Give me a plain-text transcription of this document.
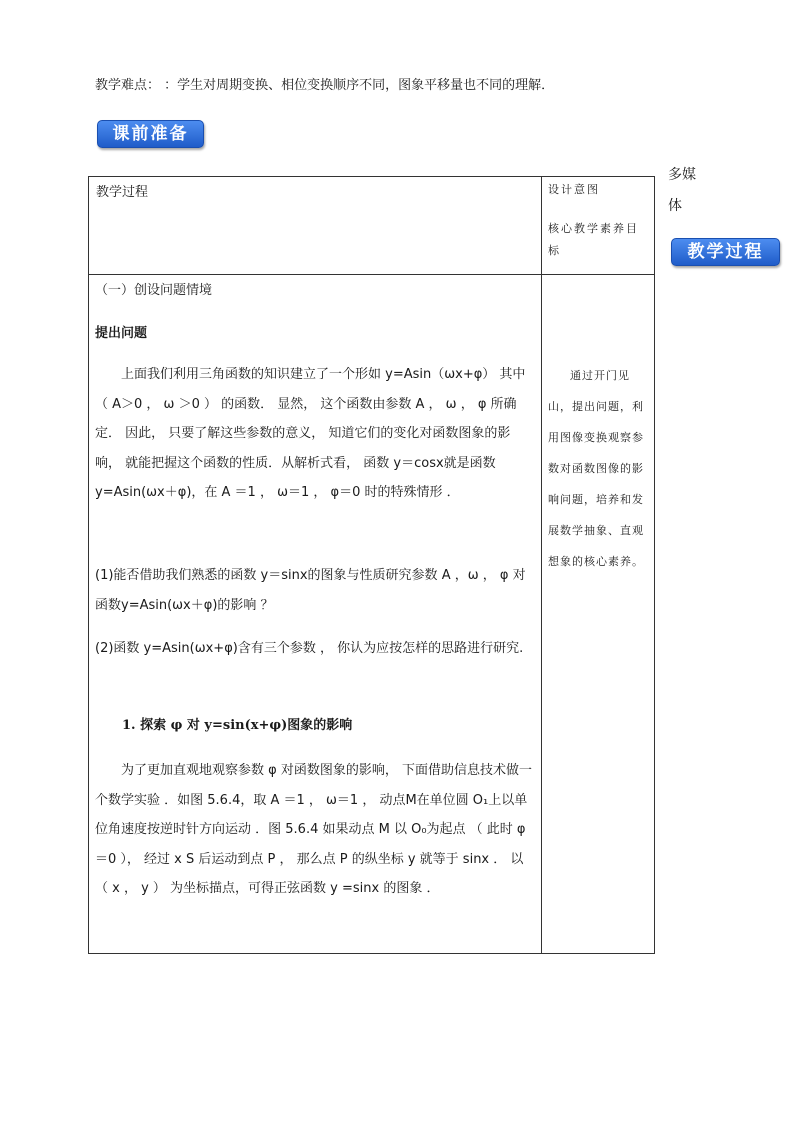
教学难点： ：学生对周期变换、相位变换顺序不同，图象平移量也不同的理解．
课前准备
多媒体
教学过程
教学过程	设计意图
核心教学素养目标
（一）创设问题情境
提出问题
上面我们利用三角函数的知识建立了一个形如 y=Asin（ωx+φ） 其中（ A＞0 ， ω ＞0 ） 的函数． 显然， 这个函数由参数 A ， ω ， φ 所确定． 因此， 只要了解这些参数的意义， 知道它们的变化对函数图象的影响， 就能把握这个函数的性质．从解析式看， 函数 y＝cosx就是函数y=Asin(ωx＋φ)，在 A ＝1 ， ω＝1 ， φ＝0 时的特殊情形 ．
(1)能否借助我们熟悉的函数 y＝sinx的图象与性质研究参数 A ，ω ， φ 对函数y=Asin(ωx＋φ)的影响 ？
(2)函数 y=Asin(ωx+φ)含有三个参数 ， 你认为应按怎样的思路进行研究.
1. 探索 φ 对 y=sin(x+φ)图象的影响
为了更加直观地观察参数 φ 对函数图象的影响， 下面借助信息技术做一个数学实验 ．如图 5.6.4，取 A ＝1 ， ω＝1 ， 动点M在单位圆 O₁上以单位角速度按逆时针方向运动 ．图 5.6.4 如果动点 M 以 O₀为起点 （ 此时 φ＝0 ）， 经过 x S 后运动到点 P ， 那么点 P 的纵坐标 y 就等于 sinx ． 以 （ x ， y ） 为坐标描点，可得正弦函数 y =sinx 的图象 ．
通过开门见山，提出问题，利用图像变换观察参数对函数图像的影响问题，培养和发展数学抽象、直观想象的核心素养。
